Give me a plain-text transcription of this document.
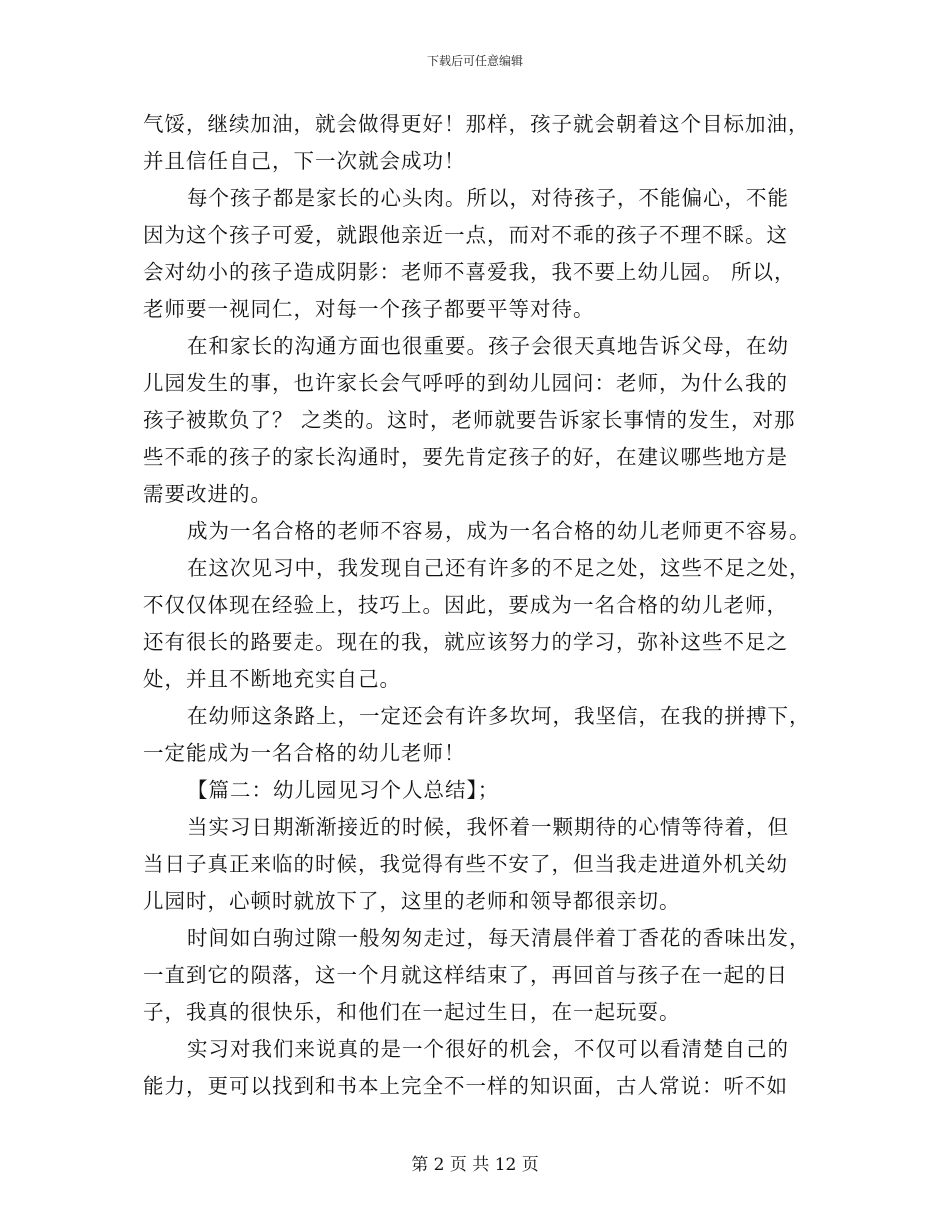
下载后可任意编辑
气馁，继续加油，就会做得更好！那样，孩子就会朝着这个目标加油，
并且信任自己，下一次就会成功！
每个孩子都是家长的心头肉。所以，对待孩子，不能偏心，不能
因为这个孩子可爱，就跟他亲近一点，而对不乖的孩子不理不睬。这
会对幼小的孩子造成阴影：老师不喜爱我，我不要上幼儿园。 所以，
老师要一视同仁，对每一个孩子都要平等对待。
在和家长的沟通方面也很重要。孩子会很天真地告诉父母，在幼
儿园发生的事，也许家长会气呼呼的到幼儿园问：老师，为什么我的
孩子被欺负了？ 之类的。这时，老师就要告诉家长事情的发生，对那
些不乖的孩子的家长沟通时，要先肯定孩子的好，在建议哪些地方是
需要改进的。
成为一名合格的老师不容易，成为一名合格的幼儿老师更不容易。
在这次见习中，我发现自己还有许多的不足之处，这些不足之处，
不仅仅体现在经验上，技巧上。因此，要成为一名合格的幼儿老师，
还有很长的路要走。现在的我，就应该努力的学习，弥补这些不足之
处，并且不断地充实自己。
在幼师这条路上，一定还会有许多坎坷，我坚信，在我的拼搏下，
一定能成为一名合格的幼儿老师！
【篇二：幼儿园见习个人总结】；
当实习日期渐渐接近的时候，我怀着一颗期待的心情等待着，但
当日子真正来临的时候，我觉得有些不安了，但当我走进道外机关幼
儿园时，心顿时就放下了，这里的老师和领导都很亲切。
时间如白驹过隙一般匆匆走过，每天清晨伴着丁香花的香味出发，
一直到它的陨落，这一个月就这样结束了，再回首与孩子在一起的日
子，我真的很快乐，和他们在一起过生日，在一起玩耍。
实习对我们来说真的是一个很好的机会，不仅可以看清楚自己的
能力，更可以找到和书本上完全不一样的知识面，古人常说：听不如
第 2 页 共 12 页
